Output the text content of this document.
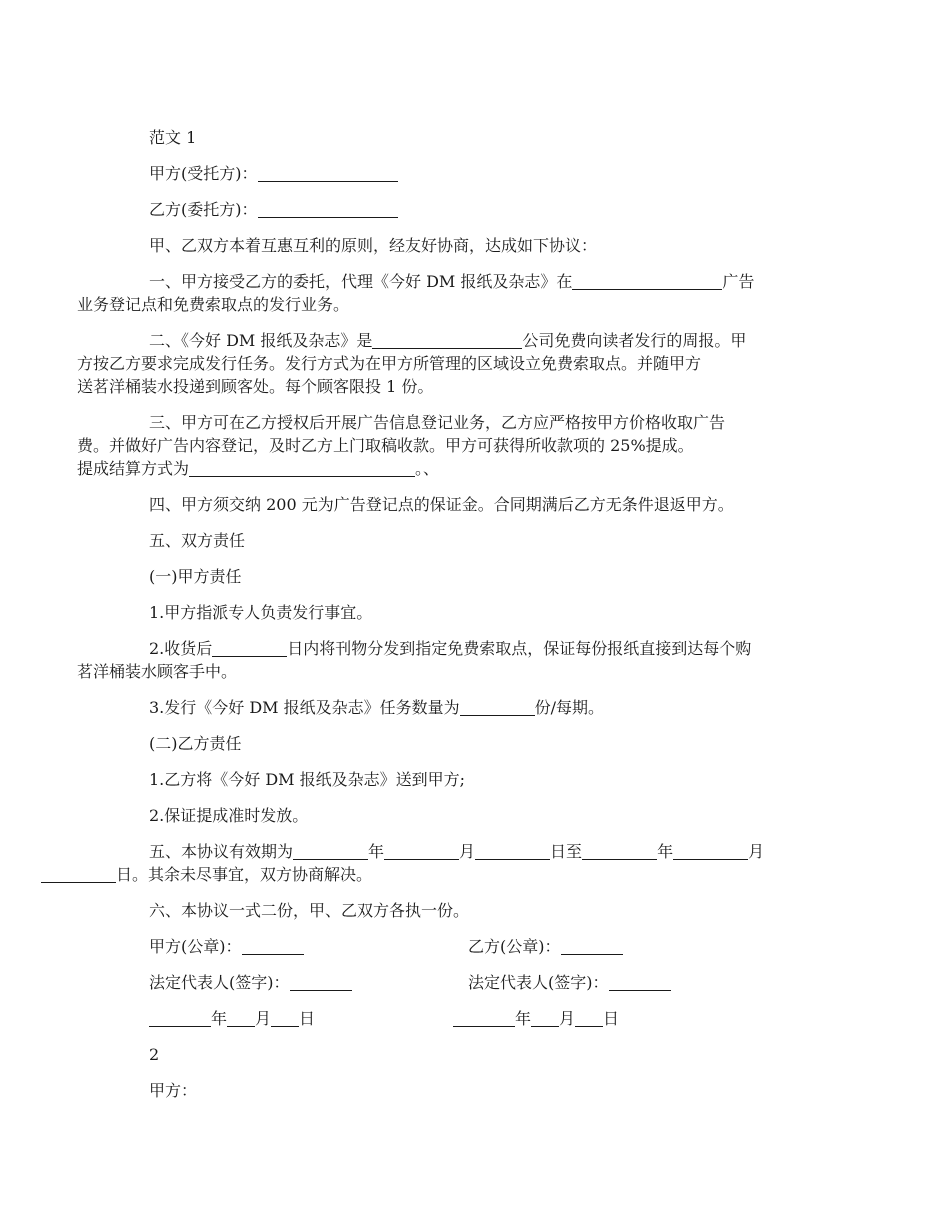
范文 1

甲方(受托方)：

乙方(委托方)：

甲、乙双方本着互惠互利的原则，经友好协商，达成如下协议：

一、甲方接受乙方的委托，代理《今好 DM 报纸及杂志》在	广告
业务登记点和免费索取点的发行业务。

二、《今好 DM 报纸及杂志》是	公司免费向读者发行的周报。甲
方按乙方要求完成发行任务。发行方式为在甲方所管理的区域设立免费索取点。并随甲方
送茗洋桶装水投递到顾客处。每个顾客限投 1 份。

三、甲方可在乙方授权后开展广告信息登记业务，乙方应严格按甲方价格收取广告
费。并做好广告内容登记，及时乙方上门取稿收款。甲方可获得所收款项的 25%提成。
提成结算方式为	。、

四、甲方须交纳 200 元为广告登记点的保证金。合同期满后乙方无条件退返甲方。

五、双方责任

(一)甲方责任

1.甲方指派专人负责发行事宜。

2.收货后	日内将刊物分发到指定免费索取点，保证每份报纸直接到达每个购
茗洋桶装水顾客手中。

3.发行《今好 DM 报纸及杂志》任务数量为	份/每期。

(二)乙方责任

1.乙方将《今好 DM 报纸及杂志》送到甲方;

2.保证提成准时发放。

五、本协议有效期为	年	月	日至	年	月
日。其余未尽事宜，双方协商解决。

六、本协议一式二份，甲、乙双方各执一份。

甲方(公章)：	乙方(公章)：
法定代表人(签字)：	法定代表人(签字)：
年 月 日	年 月 日

2

甲方：
